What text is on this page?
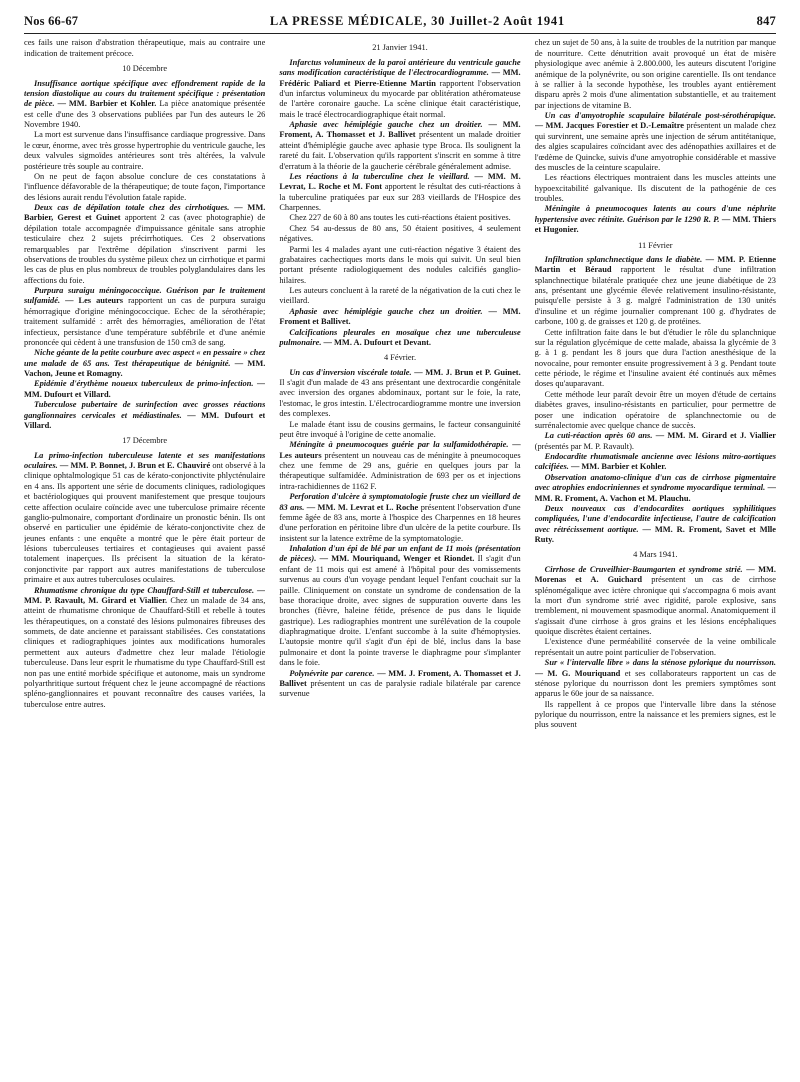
Nos 66-67	LA PRESSE MÉDICALE, 30 Juillet-2 Août 1941	847

ces fails une raison d'abstration thérapeutique, mais au contraire une indication de traitement précoce.

10 Décembre

Insuffisance aortique spécifique avec effondrement rapide de la tension diastolique au cours du traitement spécifique : présentation de pièce. — MM. Barbier et Kohler. La pièce anatomique présentée est celle d'une des 3 observations publiées par l'un des auteurs le 26 Novembre 1940.

La mort est survenue dans l'insuffisance cardiaque progressive. Dans le cœur, énorme, avec très grosse hypertrophie du ventricule gauche, les deux valvules sigmoïdes antérieures sont très altérées, la valvule postérieure très souple au contraire.

On ne peut de façon absolue conclure de ces constatations à l'influence défavorable de la thérapeutique; de toute façon, l'importance des lésions aurait rendu l'évolution fatale rapide.

Deux cas de dépilation totale chez des cirrhotiques. — MM. Barbier, Gerest et Guinet apportent 2 cas (avec photographie) de dépilation totale accompagnée d'impuissance génitale sans atrophie testiculaire chez 2 sujets précirrhotiques. Ces 2 observations remarquables par l'extrême dépilation s'inscrivent parmi les observations de troubles du système pileux chez un cirrhotique et parmi les cas de plus en plus nombreux de troubles polyglandulaires dans les affections du foie.

Purpura suraigu méningococcique. Guérison par le traitement sulfamidé. — Les auteurs rapportent un cas de purpura suraigu hémorragique d'origine méningococcique. Echec de la sérothérapie; traitement sulfamidé : arrêt des hémorragies, amélioration de l'état infectieux, persistance d'une température subfébrile et d'une anémie prononcée qui cèdent à une transfusion de 150 cm3 de sang.

Niche géante de la petite courbure avec aspect « en pessaire » chez une malade de 65 ans. Test thérapeutique de bénignité. — MM. Vachon, Jeune et Romagny.

Epidémie d'érythème noueux tuberculeux de primo-infection. — MM. Dufourt et Villard.

Tuberculose pubertaire de surinfection avec grosses réactions ganglionnaires cervicales et médiastinales. — MM. Dufourt et Villard.

17 Décembre

La primo-infection tuberculeuse latente et ses manifestations oculaires. — MM. P. Bonnet, J. Brun et E. Chauviré ont observé à la clinique ophtalmologique 51 cas de kérato-conjonctivite phlycténulaire en 4 ans. Ils apportent une série de documents cliniques, radiologiques et bactériologiques qui prouvent manifestement que presque toujours cette affection oculaire coïncide avec une tuberculose primaire récente ganglio-pulmonaire, comportant d'ordinaire un pronostic bénin. Ils ont observé en particulier une épidémie de kérato-conjonctivite chez de jeunes enfants : une enquête a montré que le père était porteur de lésions tuberculeuses tertiaires et contagieuses qui avaient passé totalement inaperçues. Ils précisent la situation de la kérato-conjonctivite par rapport aux autres manifestations de tuberculose primaire et aux autres tuberculoses oculaires.

Rhumatisme chronique du type Chauffard-Still et tuberculose. — MM. P. Ravault, M. Girard et Viallier. Chez un malade de 34 ans, atteint de rhumatisme chronique de Chauffard-Still et rebelle à toutes les thérapeutiques, on a constaté des lésions pulmonaires fibreuses des sommets, de date ancienne et paraissant stabilisées. Ces constatations cliniques et radiographiques jointes aux modifications humorales permettent aux auteurs d'admettre chez leur malade l'étiologie tuberculeuse. Dans leur esprit le rhumatisme du type Chauffard-Still est non pas une entité morbide spécifique et autonome, mais un syndrome polyarthritique surtout fréquent chez le jeune accompagné de réactions spléno-ganglionnaires et pouvant reconnaître des causes variées, la tuberculose entre autres.

21 Janvier 1941.

Infarctus volumineux de la paroi antérieure du ventricule gauche sans modification caractéristique de l'électrocardiogramme. — MM. Frédéric Paliard et Pierre-Etienne Martin rapportent l'observation d'un infarctus volumineux du myocarde par oblitération athéromateuse de l'artère coronaire gauche. La scène clinique était caractéristique, mais le tracé électrocardiographique était normal.

Aphasie avec hémiplégie gauche chez un droitier. — MM. Froment, A. Thomasset et J. Ballivet présentent un malade droitier atteint d'hémiplégie gauche avec aphasie type Broca. Ils soulignent la rareté du fait. L'observation qu'ils rapportent s'inscrit en somme à titre d'erratum à la théorie de la gaucherie cérébrale généralement admise.

Les réactions à la tuberculine chez le vieillard. — MM. M. Levrat, L. Roche et M. Font apportent le résultat des cuti-réactions à la tuberculine pratiquées par eux sur 283 vieillards de l'Hospice des Charpennes.

Chez 227 de 60 à 80 ans toutes les cuti-réactions étaient positives.

Chez 54 au-dessus de 80 ans, 50 étaient positives, 4 seulement négatives.

Parmi les 4 malades ayant une cuti-réaction négative 3 étaient des grabataires cachectiques morts dans le mois qui suivit. Un seul bien portant présente radiologiquement des nodules calcifiés ganglio-hilaires.

Les auteurs concluent à la rareté de la négativation de la cuti chez le vieillard.

Aphasie avec hémiplégie gauche chez un droitier. — MM. Froment et Ballivet.

Calcifications pleurales en mosaïque chez une tuberculeuse pulmonaire. — MM. A. Dufourt et Devant.

4 Février.

Un cas d'inversion viscérale totale. — MM. J. Brun et P. Guinet. Il s'agit d'un malade de 43 ans présentant une dextrocardie congénitale avec inversion des organes abdominaux, portant sur le foie, la rate, l'estomac, le gros intestin. L'électrocardiogramme montre une inversion des complexes.

Le malade étant issu de cousins germains, le facteur consanguinité peut être invoqué à l'origine de cette anomalie.

Méningite à pneumocoques guérie par la sulfamidothérapie. — Les auteurs présentent un nouveau cas de méningite à pneumocoques chez une femme de 29 ans, guérie en quelques jours par la thérapeutique sulfamidée. Administration de 693 per os et injections intra-rachidiennes de 1162 F.

Perforation d'ulcère à symptomatologie fruste chez un vieillard de 83 ans. — MM. M. Levrat et L. Roche présentent l'observation d'une femme âgée de 83 ans, morte à l'hospice des Charpennes en 18 heures d'une perforation en péritoine libre d'un ulcère de la petite courbure. Ils insistent sur la latence extrême de la symptomatologie.

Inhalation d'un épi de blé par un enfant de 11 mois (présentation de pièces). — MM. Mouriquand, Wenger et Riondet. Il s'agit d'un enfant de 11 mois qui est amené à l'hôpital pour des vomissements survenus au cours d'un voyage pendant lequel l'enfant couchait sur la paille. Cliniquement on constate un syndrome de condensation de la base thoracique droite, avec signes de suppuration ouverte dans les bronches (fièvre, haleine fétide, présence de pus dans le liquide gastrique). Les radiographies montrent une surélévation de la coupole diaphragmatique droite. L'enfant succombe à la suite d'hémoptysies. L'autopsie montre qu'il s'agit d'un épi de blé, inclus dans la base pulmonaire et dont la pointe traverse le diaphragme pour s'implanter dans le foie.

Polynévrite par carence. — MM. J. Froment, A. Thomasset et J. Ballivet présentent un cas de paralysie radiale bilatérale par carence survenue

chez un sujet de 50 ans, à la suite de troubles de la nutrition par manque de nourriture. Cette dénutrition avait provoqué un état de misère physiologique avec anémie à 2.800.000, les auteurs discutent l'origine anémique de la polynévrite, ou son origine carentielle. Ils ont tendance à se rallier à la seconde hypothèse, les troubles ayant entièrement disparu après 2 mois d'une alimentation substantielle, et au traitement par injections de vitamine B.

Un cas d'amyotrophie scapulaire bilatérale post-sérothérapique. — MM. Jacques Forestier et D.-Lemaître présentent un malade chez qui survinrent, une semaine après une injection de sérum antitétanique, des algies scapulaires coïncidant avec des adénopathies axillaires et de l'œdème de Quincke, suivis d'une amyotrophie considérable et massive des muscles de la ceinture scapulaire.

Les réactions électriques montraient dans les muscles atteints une hypoexcitabilité galvanique. Ils discutent de la pathogénie de ces troubles.

Méningite à pneumocoques latents au cours d'une néphrite hypertensive avec rétinite. Guérison par le 1290 R. P. — MM. Thiers et Hugonier.

11 Février

Infiltration splanchnectique dans le diabète. — MM. P. Etienne Martin et Béraud rapportent le résultat d'une infiltration splanchnectique bilatérale pratiquée chez une jeune diabétique de 23 ans, présentant une glycémie élevée relativement insulino-résistante, puisqu'elle persiste à 3 g. malgré l'administration de 130 unités d'insuline et un régime journalier comprenant 100 g. d'hydrates de carbone, 100 g. de graisses et 120 g. de protéines.

Cette infiltration faite dans le but d'étudier le rôle du splanchnique sur la régulation glycémique de cette malade, abaissa la glycémie de 3 g. à 1 g. pendant les 8 jours que dura l'action anesthésique de la novocaïne, pour remonter ensuite progressivement à 3 g. Pendant toute cette période, le régime et l'insuline avaient été continués aux mêmes doses qu'auparavant.

Cette méthode leur paraît devoir être un moyen d'étude de certains diabètes graves, insulino-résistants en particulier, pour permettre de poser une indication opératoire de splanchnectomie ou de surrénalectomie avec quelque chance de succès.

La cuti-réaction après 60 ans. — MM. M. Girard et J. Viallier (présentés par M. P. Ravault).

Endocardite rhumatismale ancienne avec lésions mitro-aortiques calcifiées. — MM. Barbier et Kohler.

Observation anatomo-clinique d'un cas de cirrhose pigmentaire avec atrophies endocriniennes et syndrome myocardique terminal. — MM. R. Froment, A. Vachon et M. Plauchu.

Deux nouveaux cas d'endocardites aortiques syphilitiques compliquées, l'une d'endocardite infectieuse, l'autre de calcification avec rétrécissement aortique. — MM. R. Froment, Savet et Mlle Ruty.

4 Mars 1941.

Cirrhose de Cruveilhier-Baumgarten et syndrome strié. — MM. Morenas et A. Guichard présentent un cas de cirrhose splénomégalique avec ictère chronique qui s'accompagna 6 mois avant la mort d'un syndrome strié avec rigidité, parole explosive, sans tremblement, ni mouvement spasmodique anormal. Anatomiquement il s'agissait d'une cirrhose à gros grains et les lésions encéphaliques quoique discrètes étaient certaines.

L'existence d'une perméabilité conservée de la veine ombilicale représentait un autre point particulier de l'observation.

Sur « l'intervalle libre » dans la sténose pylorique du nourrisson. — M. G. Mouriquand et ses collaborateurs rapportent un cas de sténose pylorique du nourrisson dont les premiers symptômes sont apparus le 60e jour de sa naissance.

Ils rappellent à ce propos que l'intervalle libre dans la sténose pylorique du nourrisson, entre la naissance et les premiers signes, est le plus souvent
